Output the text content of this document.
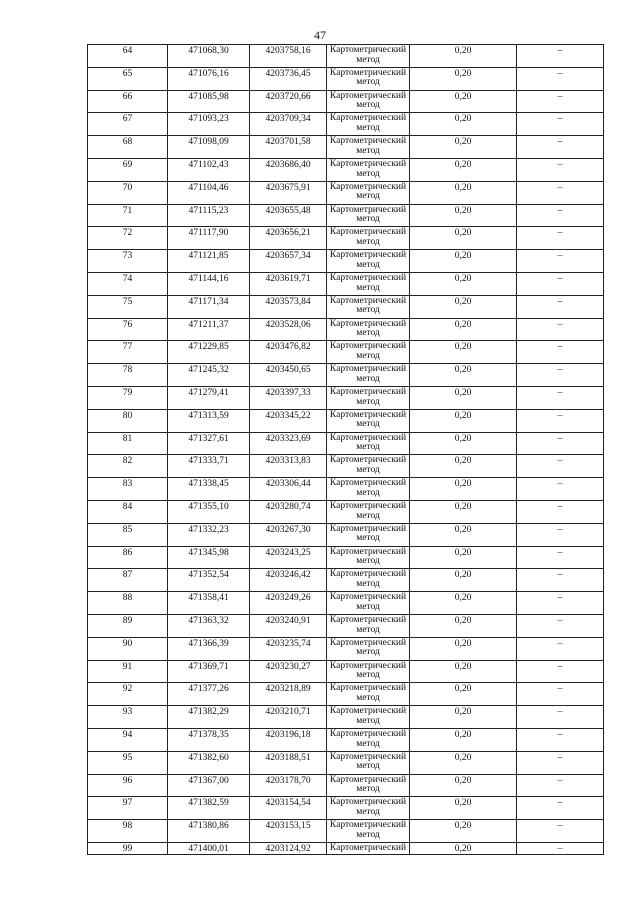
47
64	471068,30	4203758,16	Картометрический метод	0,20	–

65	471076,16	4203736,45	Картометрический метод	0,20	–

66	471085,98	4203720,66	Картометрический метод	0,20	–

67	471093,23	4203709,34	Картометрический метод	0,20	–

68	471098,09	4203701,58	Картометрический метод	0,20	–

69	471102,43	4203686,40	Картометрический метод	0,20	–

70	471104,46	4203675,91	Картометрический метод	0,20	–

71	471115,23	4203655,48	Картометрический метод	0,20	–

72	471117,90	4203656,21	Картометрический метод	0,20	–

73	471121,85	4203657,34	Картометрический метод	0,20	–

74	471144,16	4203619,71	Картометрический метод	0,20	–

75	471171,34	4203573,84	Картометрический метод	0,20	–

76	471211,37	4203528,06	Картометрический метод	0,20	–

77	471229,85	4203476,82	Картометрический метод	0,20	–

78	471245,32	4203450,65	Картометрический метод	0,20	–

79	471279,41	4203397,33	Картометрический метод	0,20	–

80	471313,59	4203345,22	Картометрический метод	0,20	–

81	471327,61	4203323,69	Картометрический метод	0,20	–

82	471333,71	4203313,83	Картометрический метод	0,20	–

83	471338,45	4203306,44	Картометрический метод	0,20	–

84	471355,10	4203280,74	Картометрический метод	0,20	–

85	471332,23	4203267,30	Картометрический метод	0,20	–

86	471345,98	4203243,25	Картометрический метод	0,20	–

87	471352,54	4203246,42	Картометрический метод	0,20	–

88	471358,41	4203249,26	Картометрический метод	0,20	–

89	471363,32	4203240,91	Картометрический метод	0,20	–

90	471366,39	4203235,74	Картометрический метод	0,20	–

91	471369,71	4203230,27	Картометрический метод	0,20	–

92	471377,26	4203218,89	Картометрический метод	0,20	–

93	471382,29	4203210,71	Картометрический метод	0,20	–

94	471378,35	4203196,18	Картометрический метод	0,20	–

95	471382,60	4203188,51	Картометрический метод	0,20	–

96	471367,00	4203178,70	Картометрический метод	0,20	–

97	471382,59	4203154,54	Картометрический метод	0,20	–

98	471380,86	4203153,15	Картометрический метод	0,20	–

99	471400,01	4203124,92	Картометрический	0,20	–
